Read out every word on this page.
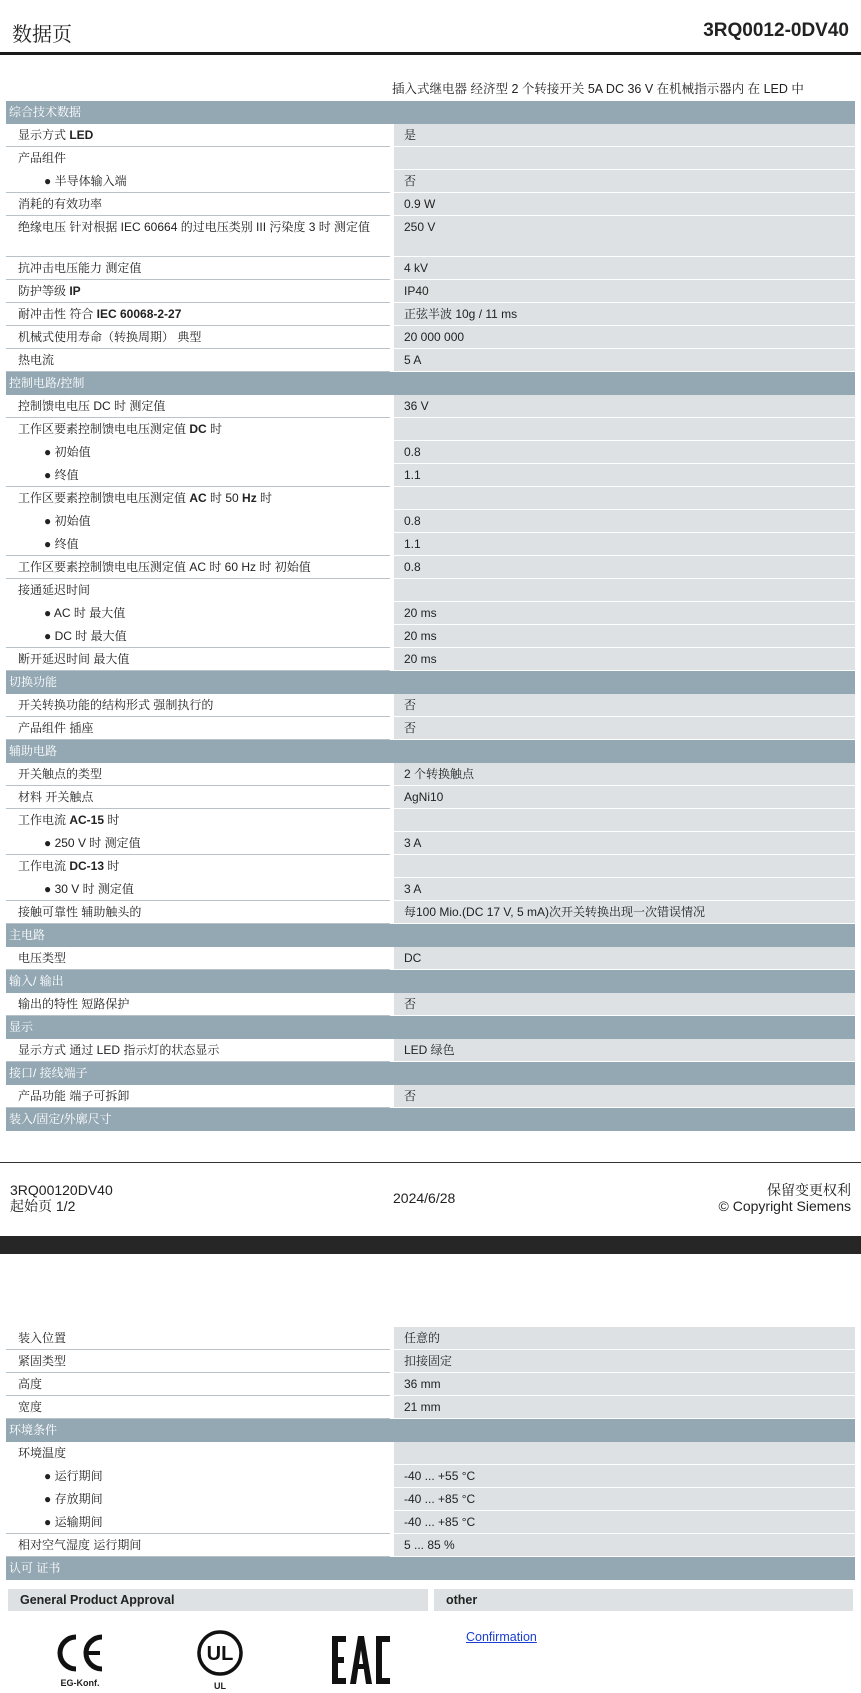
数据页	3RQ0012-0DV40
插入式继电器 经济型 2 个转接开关 5A DC 36 V 在机械指示器内 在 LED 中
综合技术数据
显示方式 LED	是
产品组件
● 半导体输入端	否
消耗的有效功率	0.9 W
绝缘电压 针对根据 IEC 60664 的过电压类别 III 污染度 3 时 测定值	250 V
抗冲击电压能力 测定值	4 kV
防护等级 IP	IP40
耐冲击性 符合 IEC 60068-2-27	正弦半波 10g / 11 ms
机械式使用寿命（转换周期） 典型	20 000 000
热电流	5 A
控制电路/控制
控制馈电电压 DC 时 测定值	36 V
工作区要素控制馈电电压测定值 DC 时
● 初始值	0.8
● 终值	1.1
工作区要素控制馈电电压测定值 AC 时 50 Hz 时
● 初始值	0.8
● 终值	1.1
工作区要素控制馈电电压测定值 AC 时 60 Hz 时 初始值	0.8
接通延迟时间
● AC 时 最大值	20 ms
● DC 时 最大值	20 ms
断开延迟时间 最大值	20 ms
切换功能
开关转换功能的结构形式 强制执行的	否
产品组件 插座	否
辅助电路
开关触点的类型	2 个转换触点
材料 开关触点	AgNi10
工作电流 AC-15 时
● 250 V 时 测定值	3 A
工作电流 DC-13 时
● 30 V 时 测定值	3 A
接触可靠性 辅助触头的	每100 Mio.(DC 17 V, 5 mA)次开关转换出现一次错误情况
主电路
电压类型	DC
输入/ 输出
输出的特性 短路保护	否
显示
显示方式 通过 LED 指示灯的状态显示	LED 绿色
接口/ 接线端子
产品功能 端子可拆卸	否
装入/固定/外廓尺寸
3RQ00120DV40
起始页 1/2	2024/6/28	保留变更权利
© Copyright Siemens
装入位置	任意的
紧固类型	扣接固定
高度	36 mm
宽度	21 mm
环境条件
环境温度
● 运行期间	-40 ... +55 °C
● 存放期间	-40 ... +85 °C
● 运输期间	-40 ... +85 °C
相对空气湿度 运行期间	5 ... 85 %
认可 证书
General Product Approval	other
EG-Konf.
UL
UL
Confirmation
